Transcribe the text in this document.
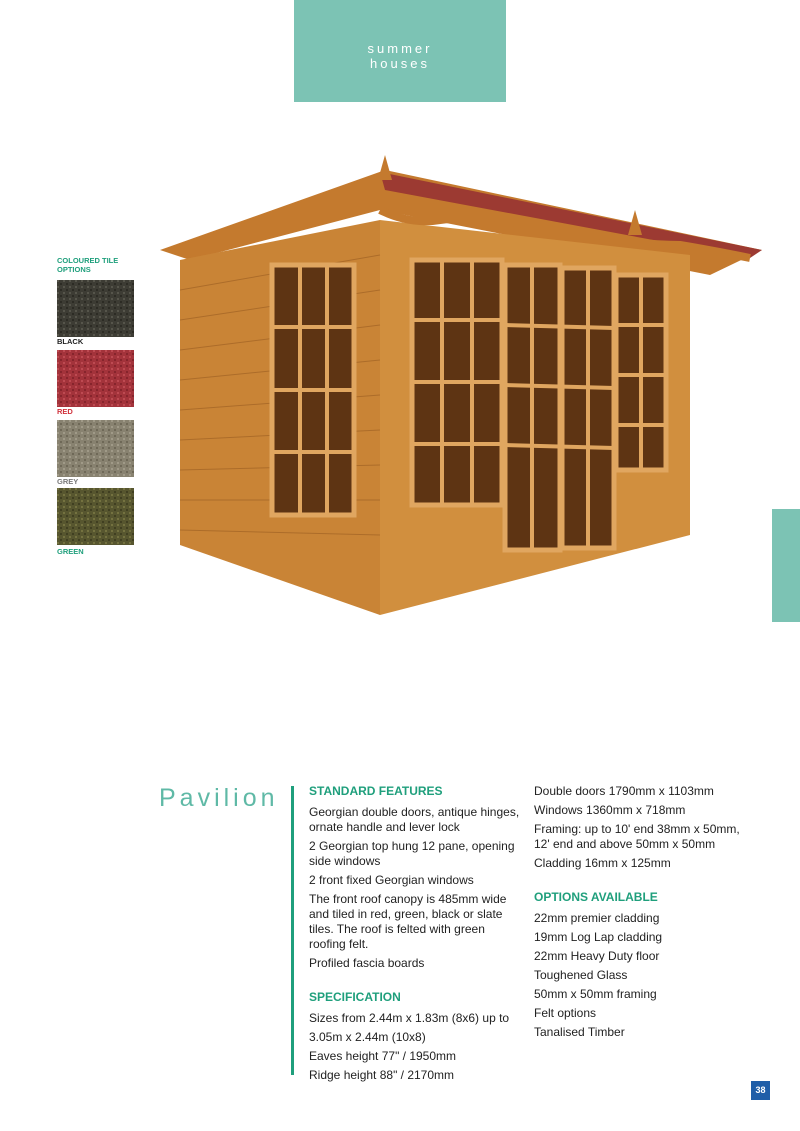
summer
houses
COLOURED TILE OPTIONS
BLACK
RED
GREY
GREEN
Pavilion	STANDARD FEATURES

Georgian double doors, antique hinges, ornate handle and lever lock

2 Georgian top hung 12 pane, opening side windows

2 front fixed Georgian windows

The front roof canopy is 485mm wide and tiled in red, green, black or slate tiles. The roof is felted with green roofing felt.

Profiled fascia boards

SPECIFICATION

Sizes from 2.44m x 1.83m (8x6) up to

3.05m x 2.44m (10x8)

Eaves height 77" / 1950mm

Ridge height 88" / 2170mm

Double doors 1790mm x 1103mm

Windows 1360mm x 718mm

Framing: up to 10' end 38mm x 50mm, 12' end and above 50mm x 50mm

Cladding 16mm x 125mm

OPTIONS AVAILABLE

22mm premier cladding

19mm Log Lap cladding

22mm Heavy Duty floor

Toughened Glass

50mm x 50mm framing

Felt options

Tanalised Timber

38
